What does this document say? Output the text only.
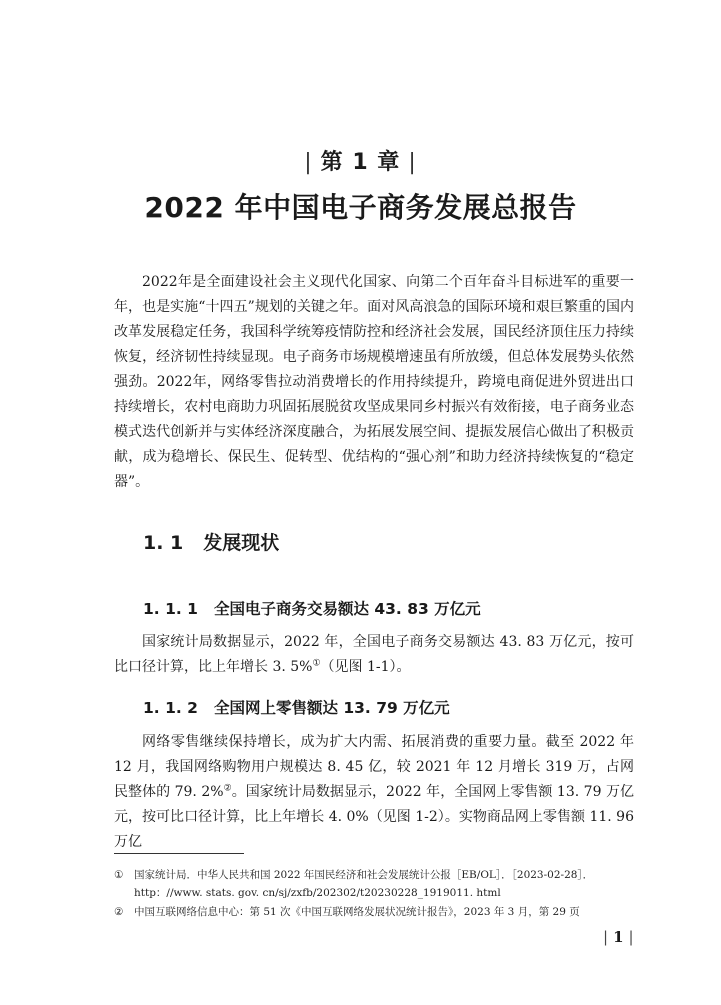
| 第 1 章 |
2022 年中国电子商务发展总报告

2022年是全面建设社会主义现代化国家、向第二个百年奋斗目标进军的重要一年，也是实施“十四五”规划的关键之年。面对风高浪急的国际环境和艰巨繁重的国内改革发展稳定任务，我国科学统筹疫情防控和经济社会发展，国民经济顶住压力持续恢复，经济韧性持续显现。电子商务市场规模增速虽有所放缓，但总体发展势头依然强劲。2022年，网络零售拉动消费增长的作用持续提升，跨境电商促进外贸进出口持续增长，农村电商助力巩固拓展脱贫攻坚成果同乡村振兴有效衔接，电子商务业态模式迭代创新并与实体经济深度融合，为拓展发展空间、提振发展信心做出了积极贡献，成为稳增长、保民生、促转型、优结构的“强心剂”和助力经济持续恢复的“稳定器”。

1. 1 发展现状
1. 1. 1 全国电子商务交易额达 43. 83 万亿元

国家统计局数据显示，2022 年，全国电子商务交易额达 43. 83 万亿元，按可比口径计算，比上年增长 3. 5%①（见图 1-1）。

1. 1. 2 全国网上零售额达 13. 79 万亿元

网络零售继续保持增长，成为扩大内需、拓展消费的重要力量。截至 2022 年 12 月，我国网络购物用户规模达 8. 45 亿，较 2021 年 12 月增长 319 万，占网民整体的 79. 2%②。国家统计局数据显示，2022 年，全国网上零售额 13. 79 万亿元，按可比口径计算，比上年增长 4. 0%（见图 1-2）。实物商品网上零售额 11. 96 万亿

① 国家统计局．中华人民共和国 2022 年国民经济和社会发展统计公报［EB/OL］．［2023-02-28］．
http：//www. stats. gov. cn/sj/zxfb/202302/t20230228_1919011. html
② 中国互联网络信息中心：第 51 次《中国互联网络发展状况统计报告》，2023 年 3 月，第 29 页
| 1 |
